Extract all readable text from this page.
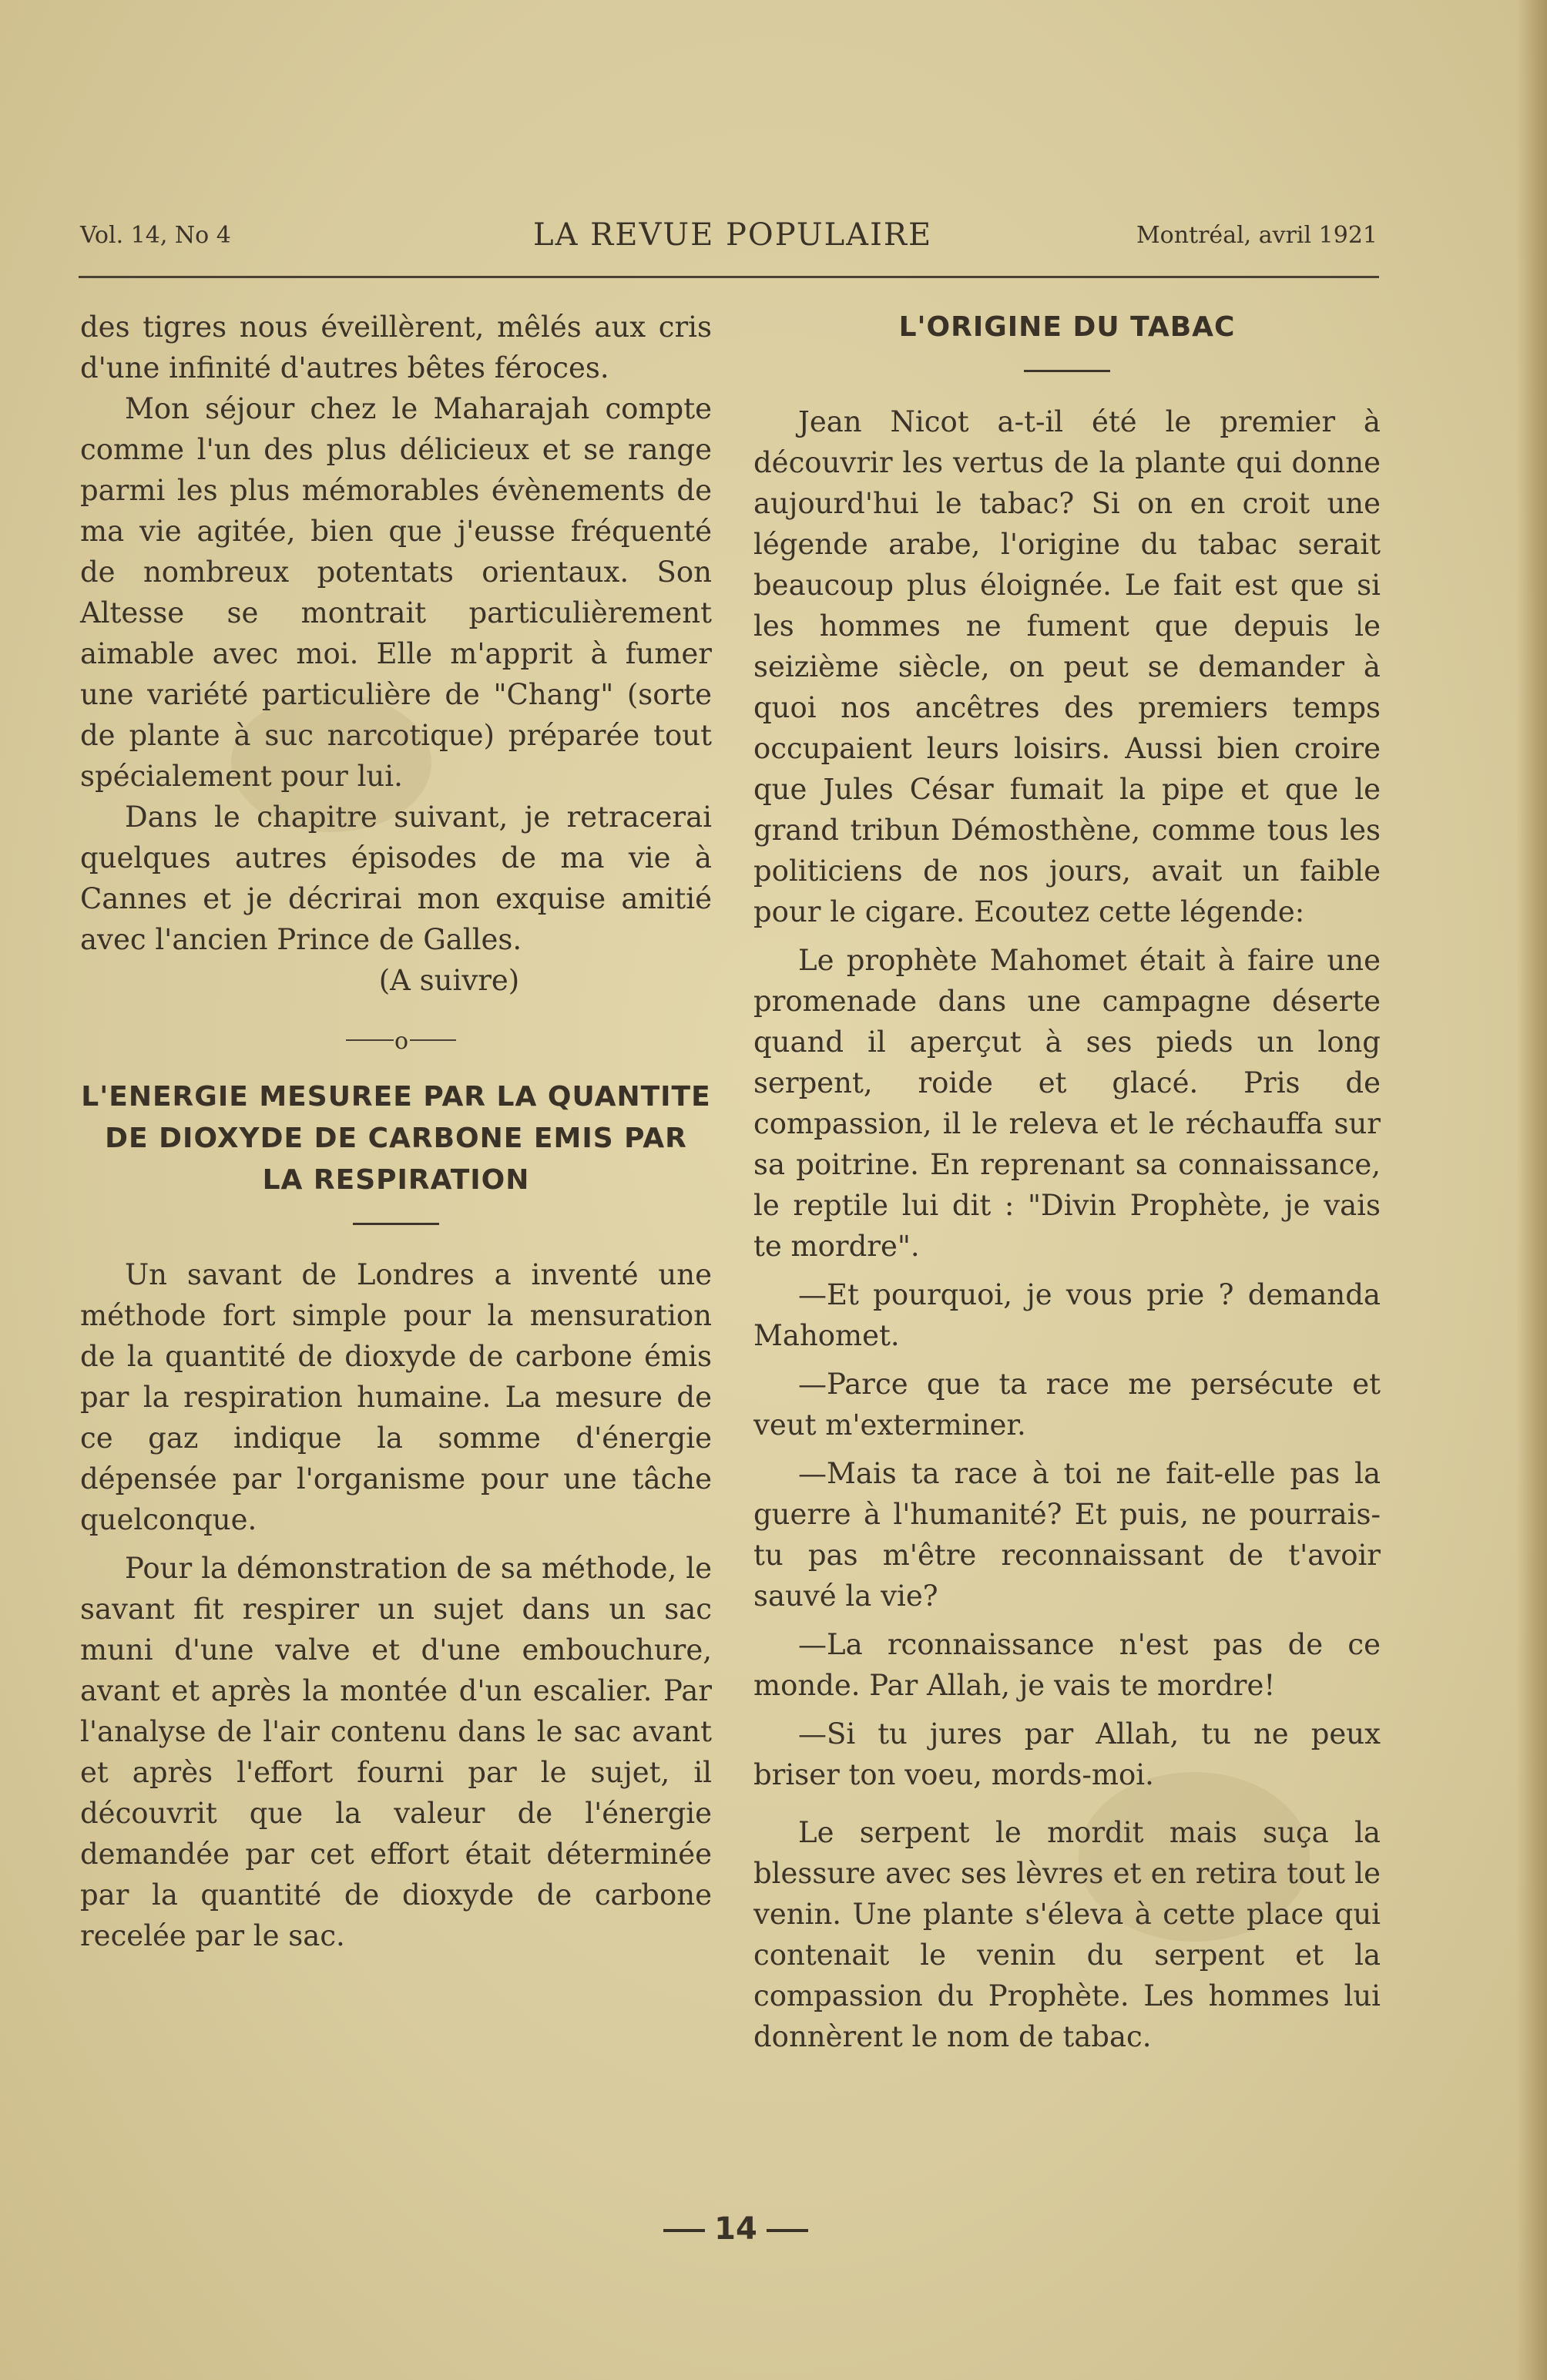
Vol. 14, No 4	LA REVUE POPULAIRE	Montréal, avril 1921

des tigres nous éveillèrent, mêlés aux cris d'une infinité d'autres bêtes féroces.

Mon séjour chez le Maharajah compte comme l'un des plus délicieux et se range parmi les plus mémorables évènements de ma vie agitée, bien que j'eusse fréquenté de nombreux potentats orientaux. Son Altesse se montrait particulièrement aimable avec moi. Elle m'apprit à fumer une variété particulière de "Chang" (sorte de plante à suc narcotique) préparée tout spécialement pour lui.

Dans le chapitre suivant, je retracerai quelques autres épisodes de ma vie à Cannes et je décrirai mon exquise amitié avec l'ancien Prince de Galles.

(A suivre)

o
L'ENERGIE MESUREE PAR LA QUANTITE DE DIOXYDE DE CARBONE EMIS PAR LA RESPIRATION

Un savant de Londres a inventé une méthode fort simple pour la mensuration de la quantité de dioxyde de carbone émis par la respiration humaine. La mesure de ce gaz indique la somme d'énergie dépensée par l'organisme pour une tâche quelconque.

Pour la démonstration de sa méthode, le savant fit respirer un sujet dans un sac muni d'une valve et d'une embouchure, avant et après la montée d'un escalier. Par l'analyse de l'air contenu dans le sac avant et après l'effort fourni par le sujet, il découvrit que la valeur de l'énergie demandée par cet effort était déterminée par la quantité de dioxyde de carbone recelée par le sac.

L'ORIGINE DU TABAC

Jean Nicot a-t-il été le premier à découvrir les vertus de la plante qui donne aujourd'hui le tabac? Si on en croit une légende arabe, l'origine du tabac serait beaucoup plus éloignée. Le fait est que si les hommes ne fument que depuis le seizième siècle, on peut se demander à quoi nos ancêtres des premiers temps occupaient leurs loisirs. Aussi bien croire que Jules César fumait la pipe et que le grand tribun Démosthène, comme tous les politiciens de nos jours, avait un faible pour le cigare. Ecoutez cette légende:

Le prophète Mahomet était à faire une promenade dans une campagne déserte quand il aperçut à ses pieds un long serpent, roide et glacé. Pris de compassion, il le releva et le réchauffa sur sa poitrine. En reprenant sa connaissance, le reptile lui dit : "Divin Prophète, je vais te mordre".

—Et pourquoi, je vous prie ? demanda Mahomet.

—Parce que ta race me persécute et veut m'exterminer.

—Mais ta race à toi ne fait-elle pas la guerre à l'humanité? Et puis, ne pourrais-tu pas m'être reconnaissant de t'avoir sauvé la vie?

—La rconnaissance n'est pas de ce monde. Par Allah, je vais te mordre!

—Si tu jures par Allah, tu ne peux briser ton voeu, mords-moi.

Le serpent le mordit mais suça la blessure avec ses lèvres et en retira tout le venin. Une plante s'éleva à cette place qui contenait le venin du serpent et la compassion du Prophète. Les hommes lui donnèrent le nom de tabac.

14
